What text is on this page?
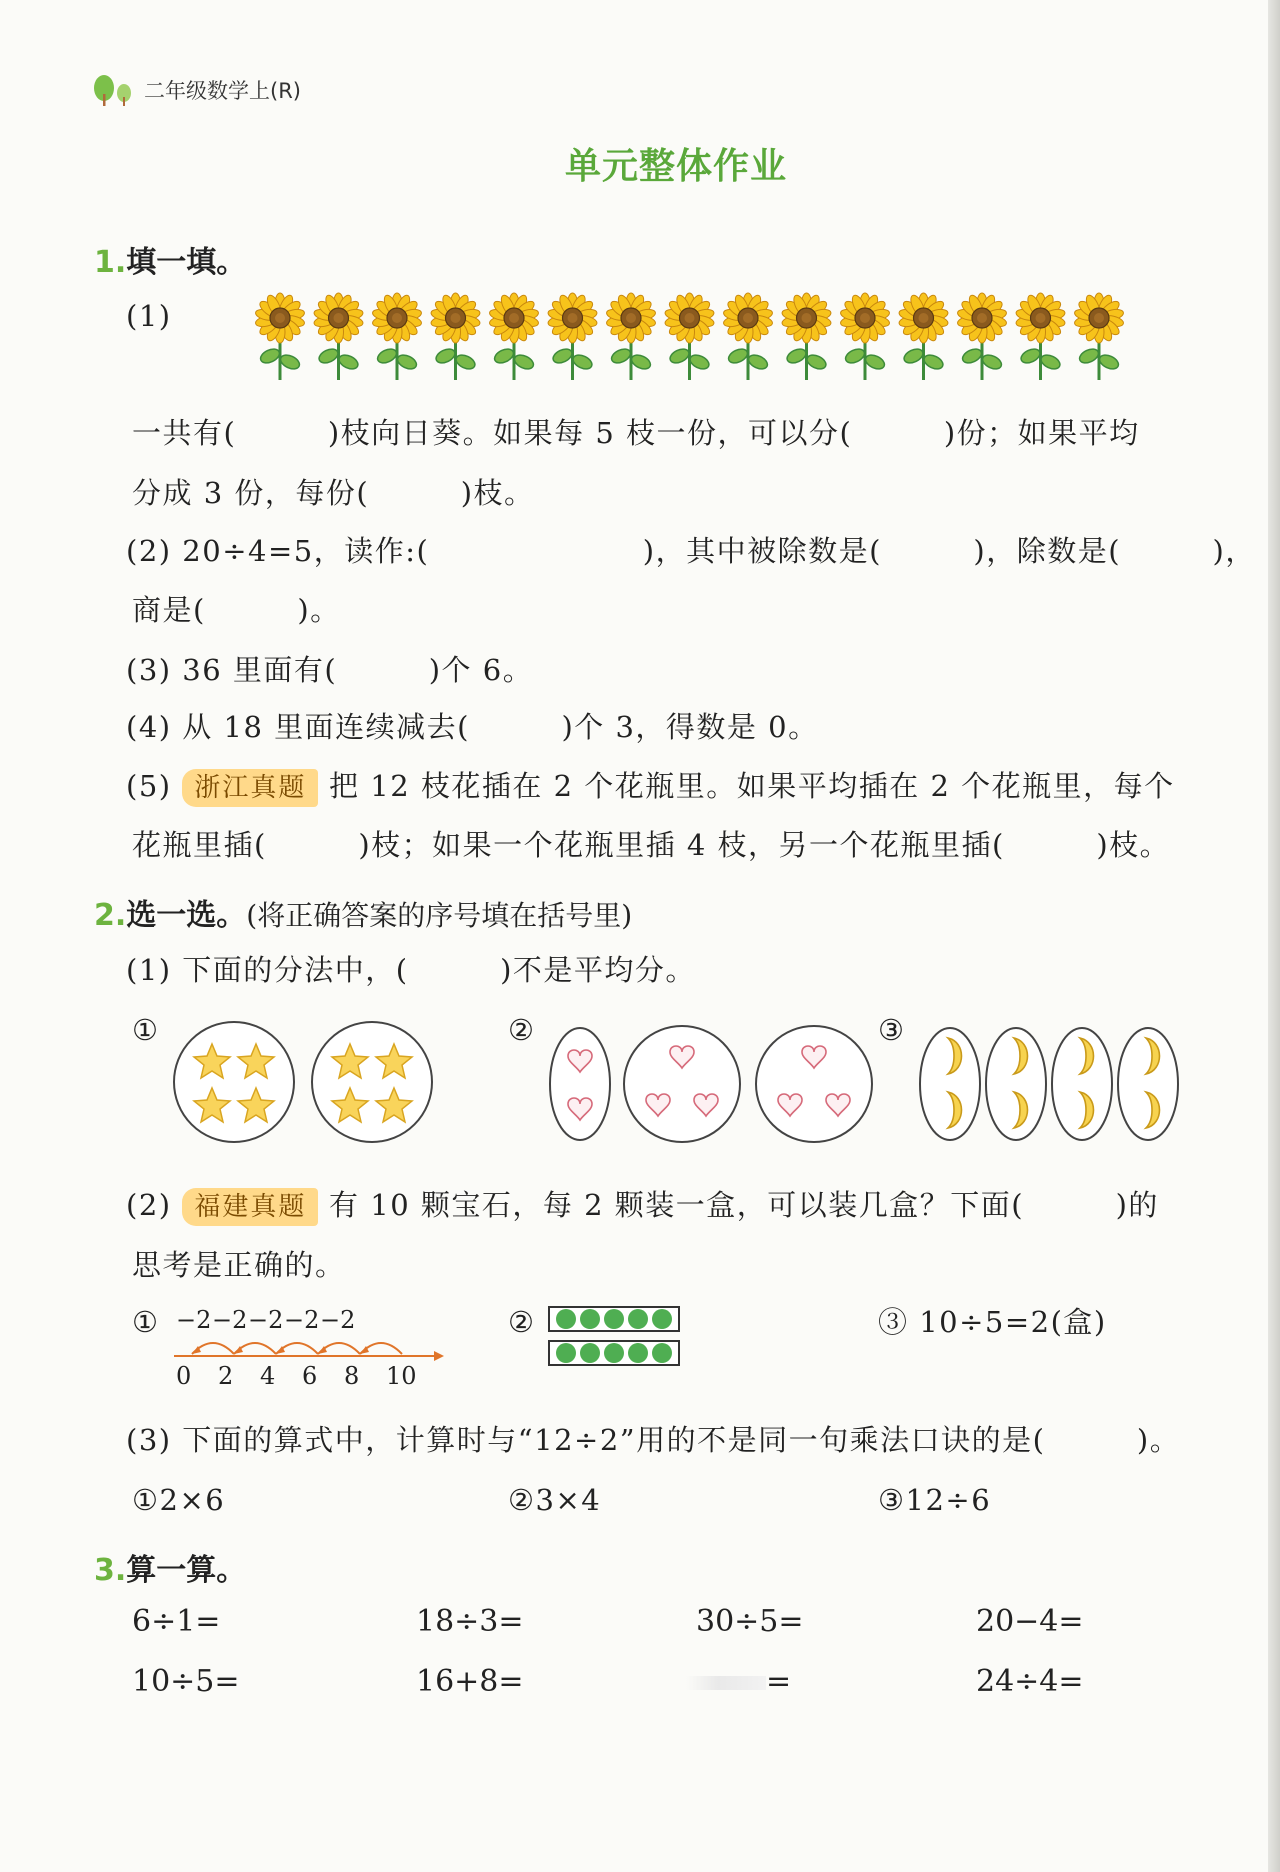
二年级数学上(R)
单元整体作业
1.填一填。
(1)
一共有(　　　)枝向日葵。如果每 5 枝一份，可以分(　　　)份；如果平均
分成 3 份，每份(　　　)枝。
(2) 20÷4=5，读作:(　　　　　　　)，其中被除数是(　　　)，除数是(　　　)，
商是(　　　)。
(3) 36 里面有(　　　)个 6。
(4) 从 18 里面连续减去(　　　)个 3，得数是 0。
(5) 浙江真题 把 12 枝花插在 2 个花瓶里。如果平均插在 2 个花瓶里，每个
花瓶里插(　　　)枝；如果一个花瓶里插 4 枝，另一个花瓶里插(　　　)枝。
2.选一选。(将正确答案的序号填在括号里)
(1) 下面的分法中，(　　　)不是平均分。
①	②	③
(2) 福建真题 有 10 颗宝石，每 2 颗装一盒，可以装几盒？下面(　　　)的
思考是正确的。
① −2 −2 −2 −2 −2
0 2 4 6 8 10
②	③ 10÷5=2(盒)
(3) 下面的算式中，计算时与“12÷2”用的不是同一句乘法口诀的是(　　　)。
①2×6	②3×4	③12÷6
3.算一算。
6÷1=	18÷3=	30÷5=	20−4=
10÷5=	16+8=	=	24÷4=
